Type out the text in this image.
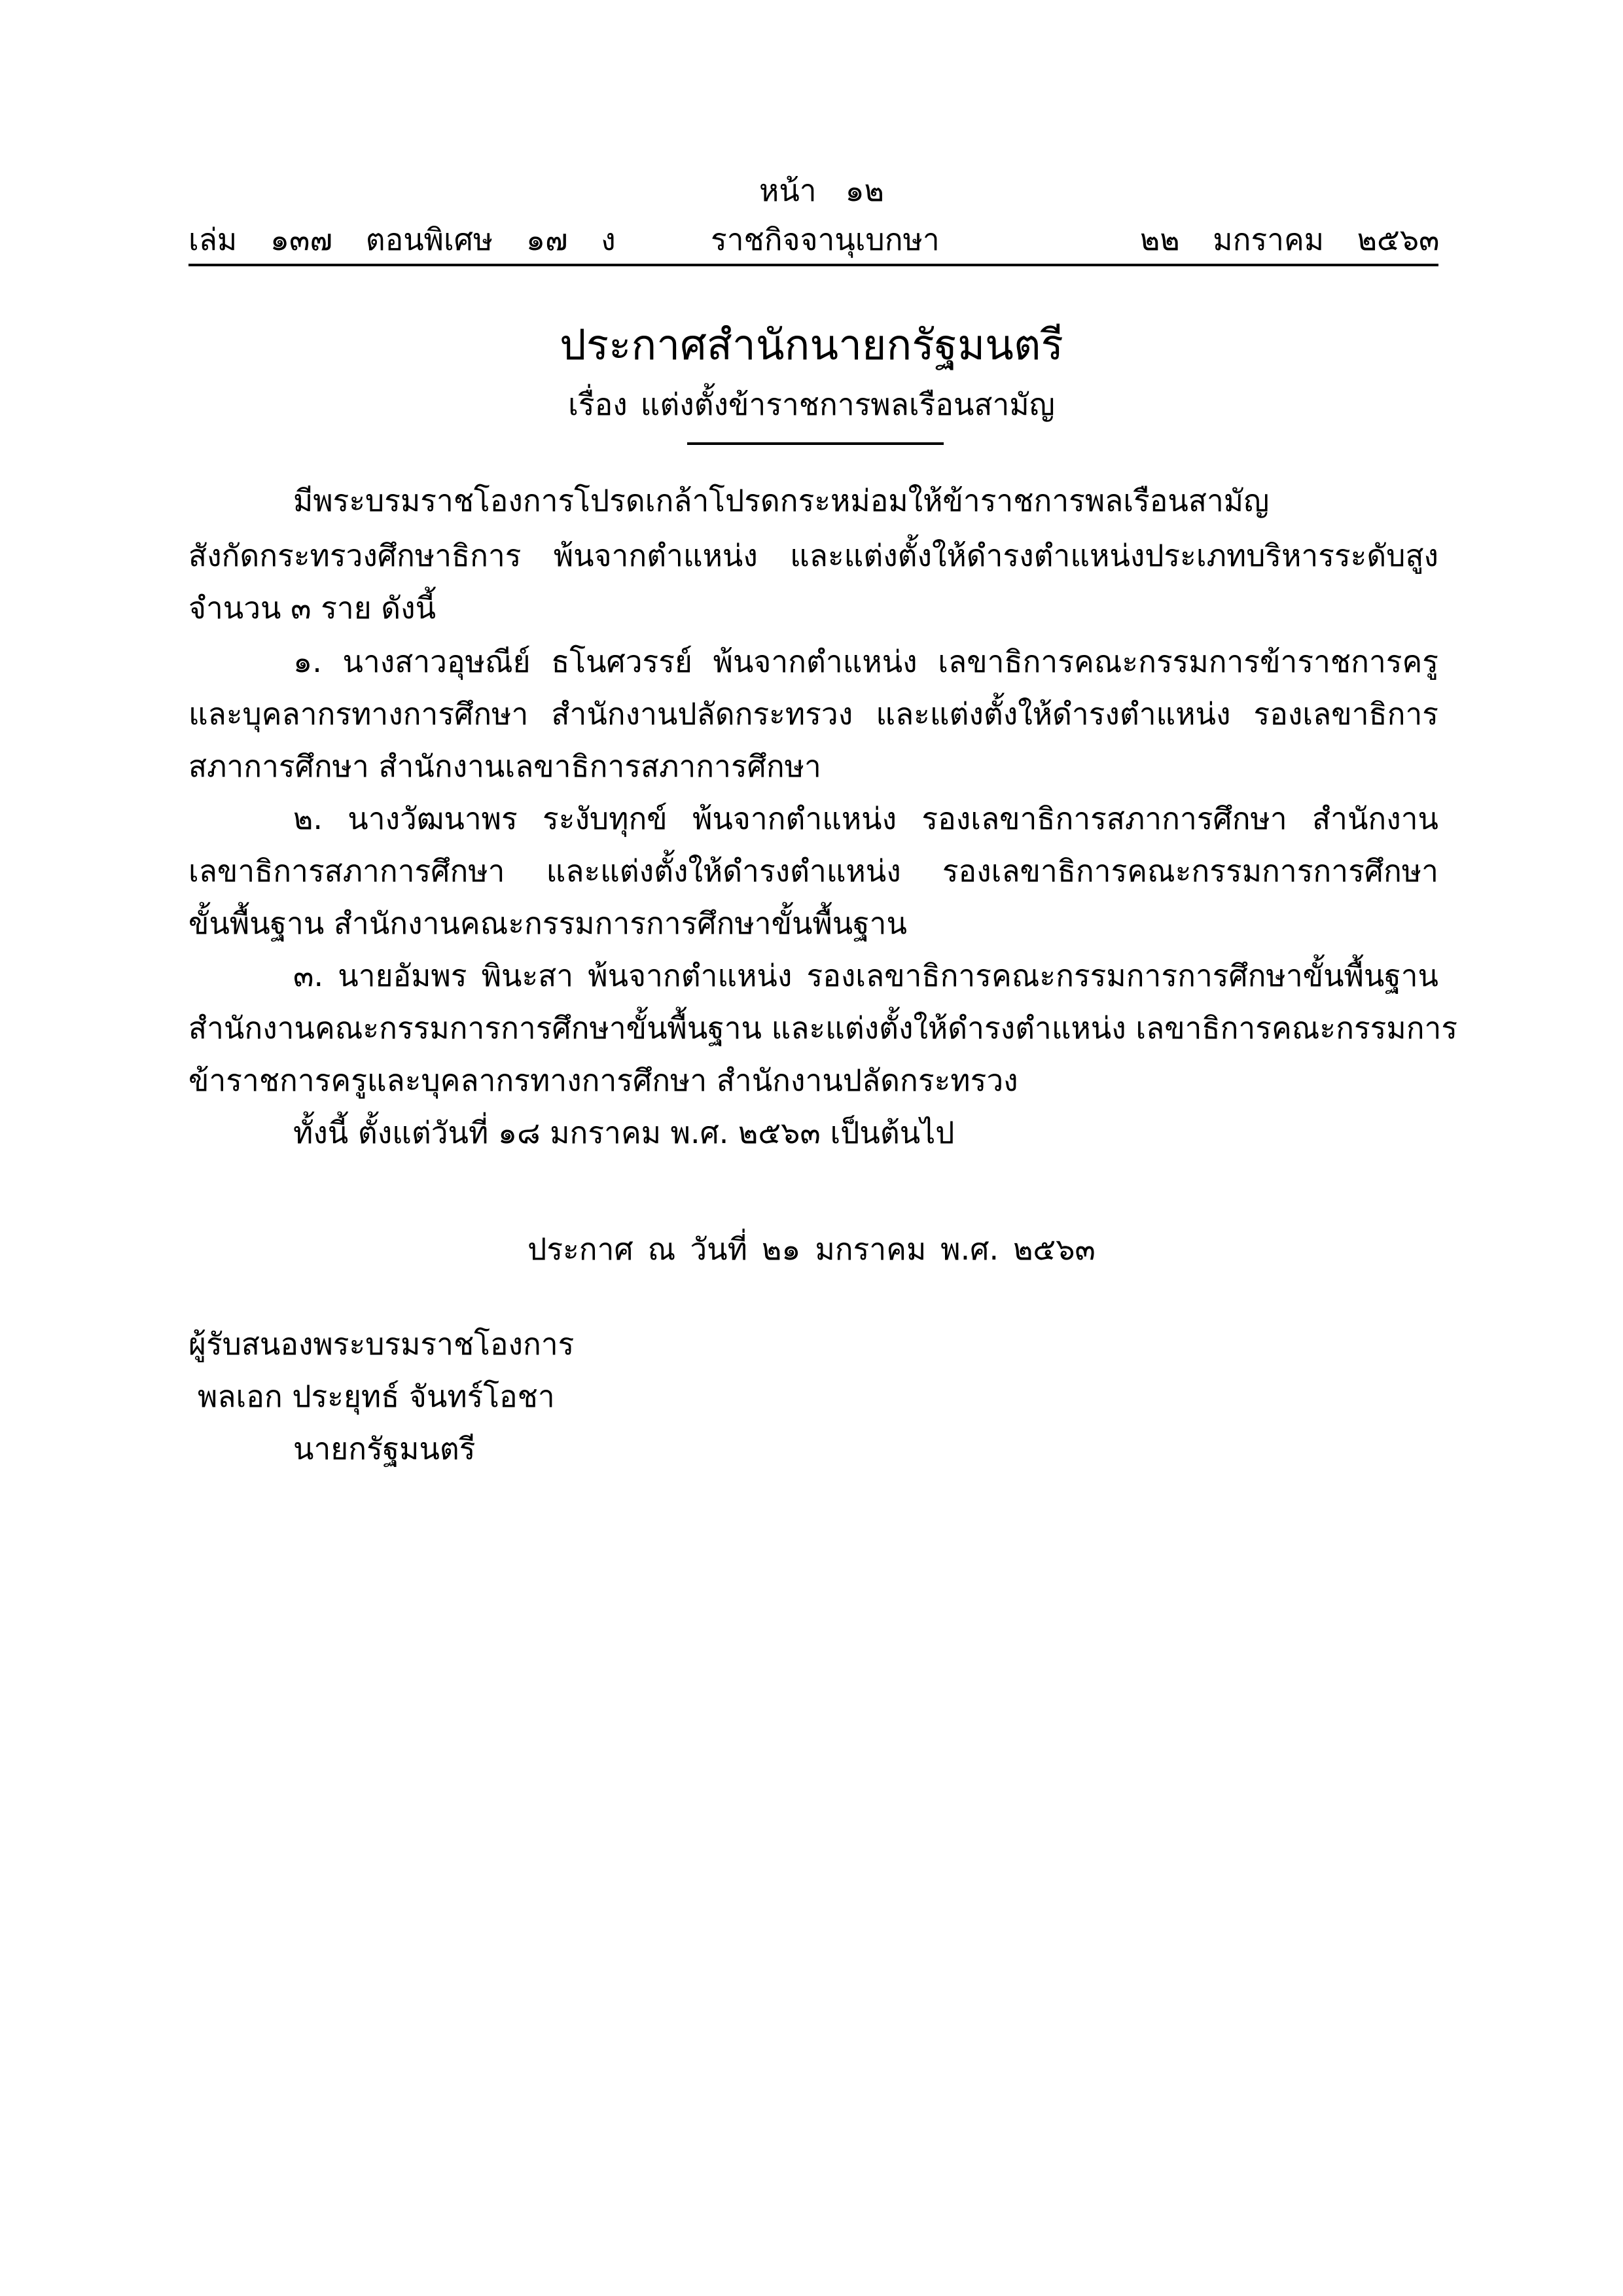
หน้า ๑๒
เล่ม ๑๓๗ ตอนพิเศษ ๑๗ ง	ราชกิจจานุเบกษา	๒๒ มกราคม ๒๕๖๓
ประกาศสำนักนายกรัฐมนตรี
เรื่อง แต่งตั้งข้าราชการพลเรือนสามัญ
มีพระบรมราชโองการโปรดเกล้าโปรดกระหม่อมให้ข้าราชการพลเรือนสามัญ
สังกัดกระทรวงศึกษาธิการ พ้นจากตำแหน่ง และแต่งตั้งให้ดำรงตำแหน่งประเภทบริหารระดับสูง
จำนวน ๓ ราย ดังนี้
๑. นางสาวอุษณีย์ ธโนศวรรย์ พ้นจากตำแหน่ง เลขาธิการคณะกรรมการข้าราชการครู
และบุคลากรทางการศึกษา สำนักงานปลัดกระทรวง และแต่งตั้งให้ดำรงตำแหน่ง รองเลขาธิการ
สภาการศึกษา สำนักงานเลขาธิการสภาการศึกษา
๒. นางวัฒนาพร ระงับทุกข์ พ้นจากตำแหน่ง รองเลขาธิการสภาการศึกษา สำนักงาน
เลขาธิการสภาการศึกษา และแต่งตั้งให้ดำรงตำแหน่ง รองเลขาธิการคณะกรรมการการศึกษา
ขั้นพื้นฐาน สำนักงานคณะกรรมการการศึกษาขั้นพื้นฐาน
๓. นายอัมพร พินะสา พ้นจากตำแหน่ง รองเลขาธิการคณะกรรมการการศึกษาขั้นพื้นฐาน
สำนักงานคณะกรรมการการศึกษาขั้นพื้นฐาน และแต่งตั้งให้ดำรงตำแหน่ง เลขาธิการคณะกรรมการ
ข้าราชการครูและบุคลากรทางการศึกษา สำนักงานปลัดกระทรวง
ทั้งนี้ ตั้งแต่วันที่ ๑๘ มกราคม พ.ศ. ๒๕๖๓ เป็นต้นไป
ประกาศ ณ วันที่ ๒๑ มกราคม พ.ศ. ๒๕๖๓
ผู้รับสนองพระบรมราชโองการ
พลเอก ประยุทธ์ จันทร์โอชา
นายกรัฐมนตรี
